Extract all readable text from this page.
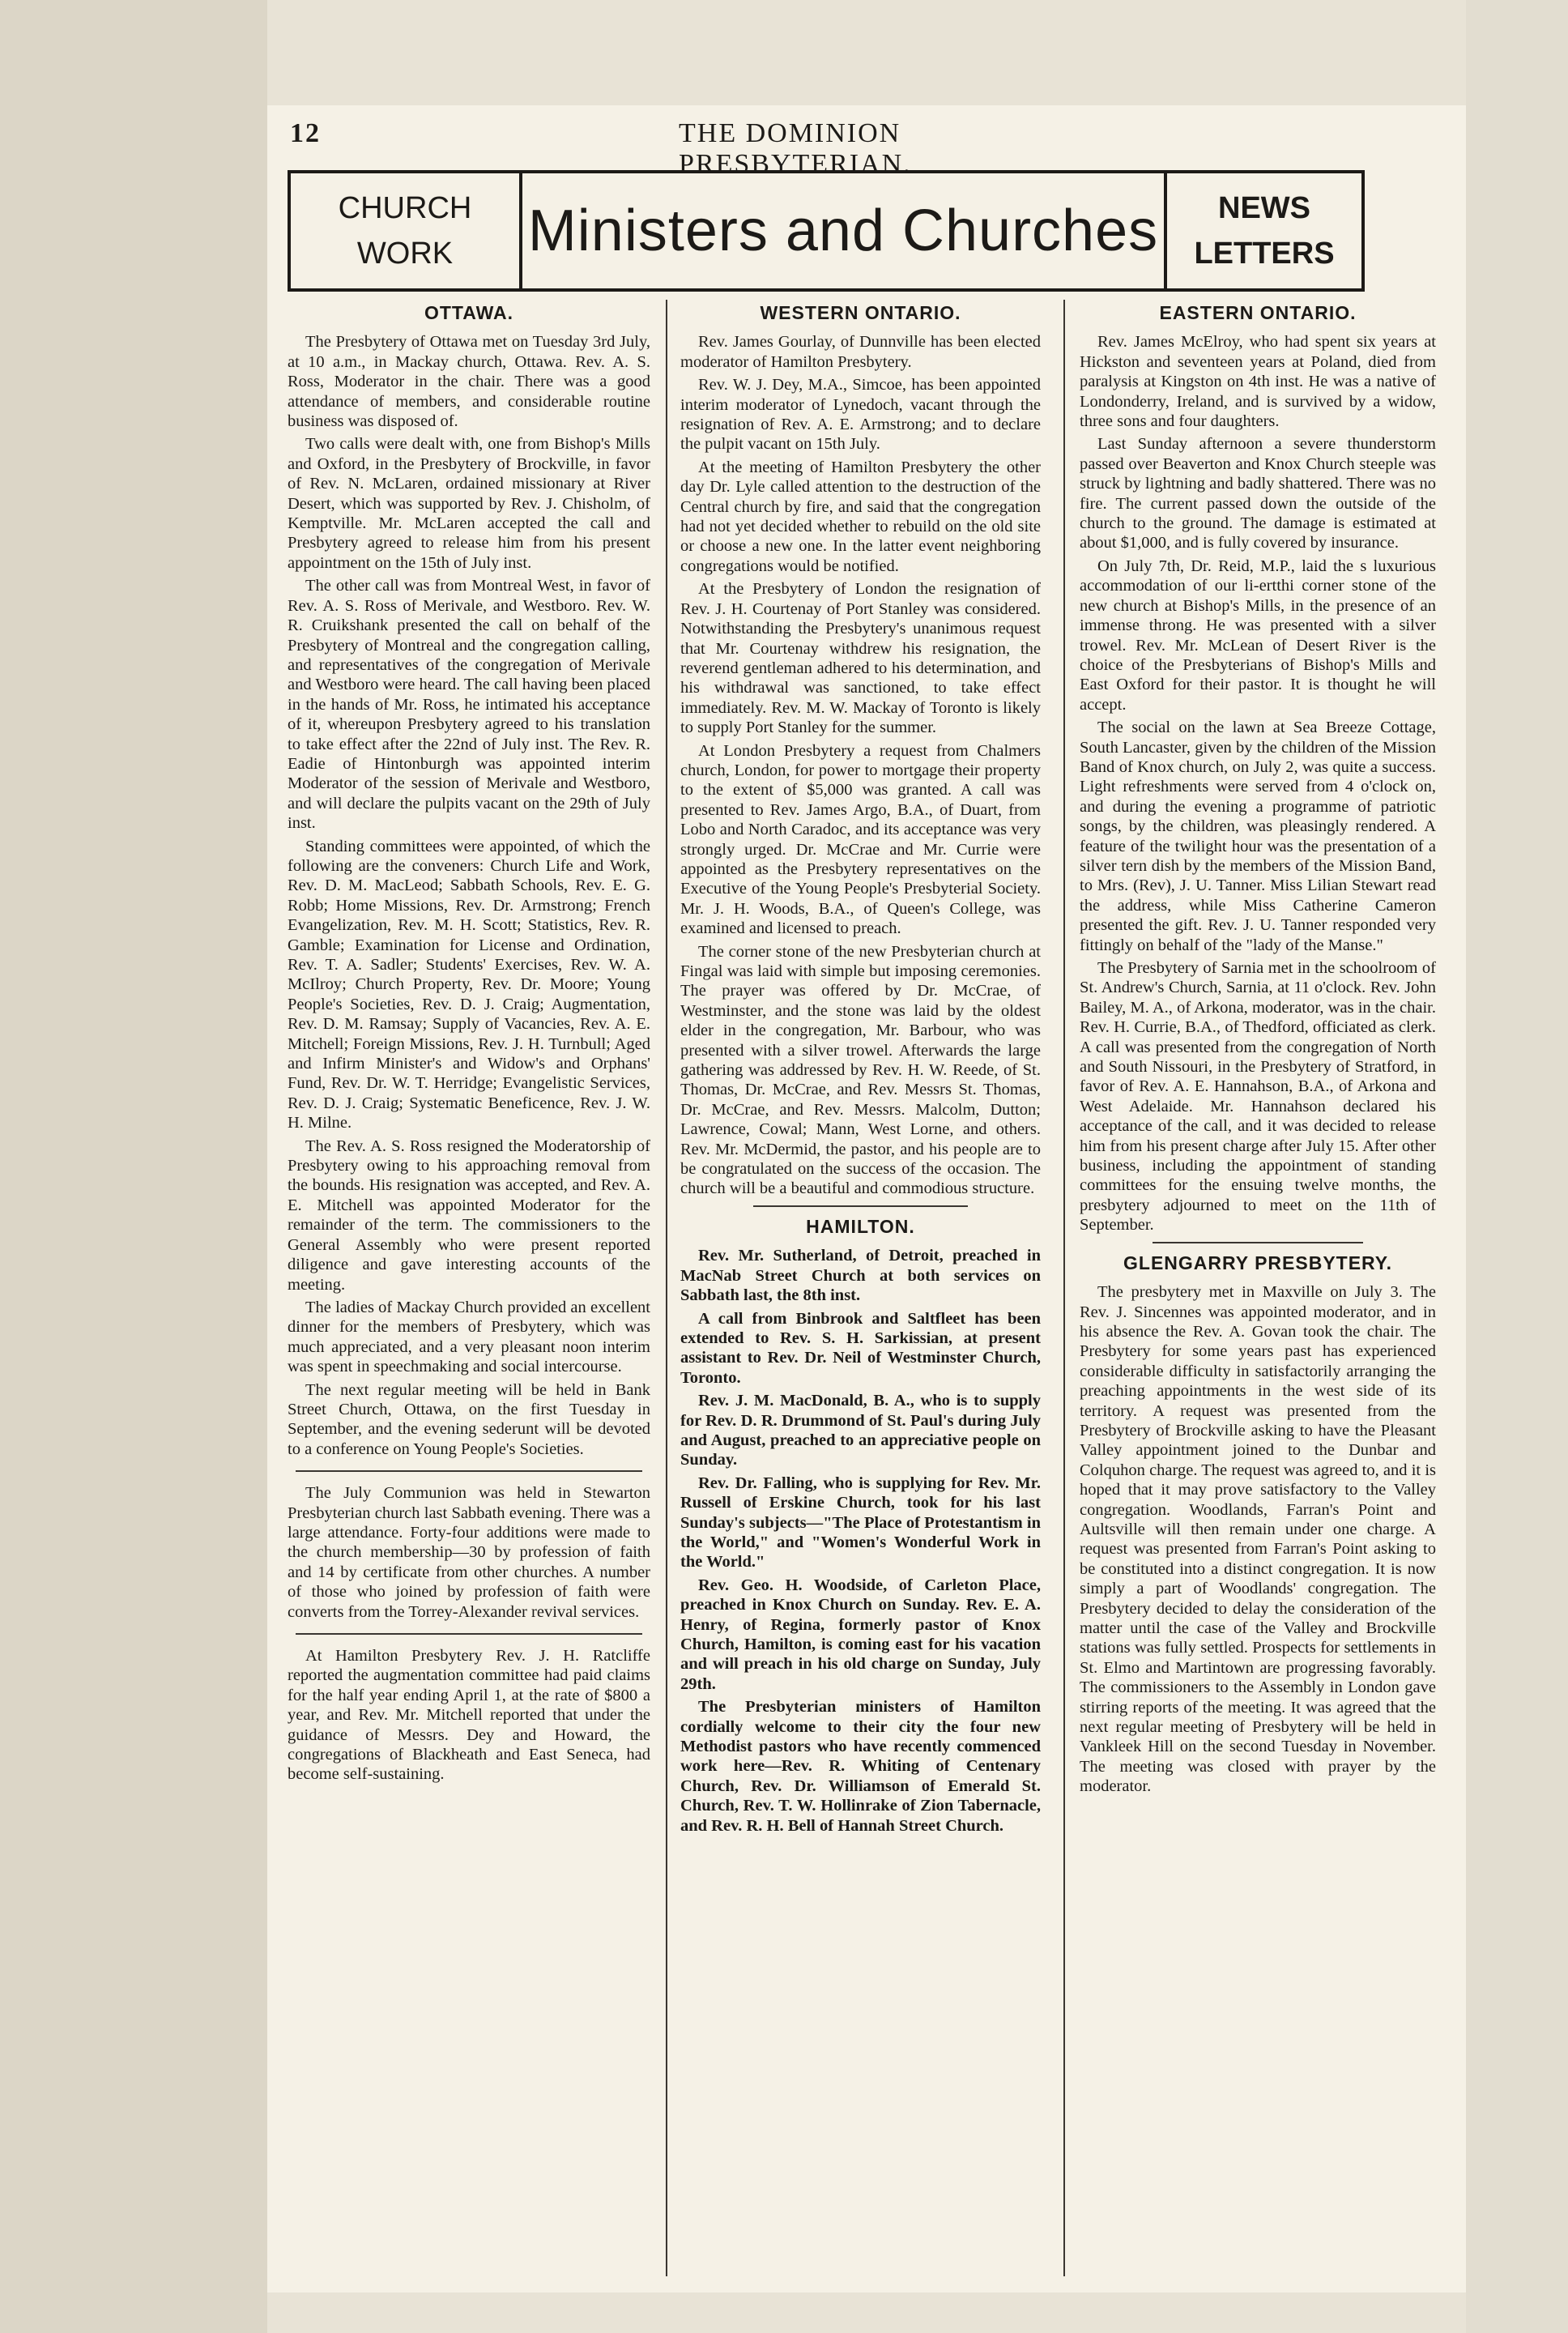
12	THE DOMINION PRESBYTERIAN.
CHURCH
WORK Ministers and Churches NEWS
LETTERS
OTTAWA.

The Presbytery of Ottawa met on Tuesday 3rd July, at 10 a.m., in Mackay church, Ottawa. Rev. A. S. Ross, Moderator in the chair. There was a good attendance of members, and considerable routine business was disposed of.

Two calls were dealt with, one from Bishop's Mills and Oxford, in the Presbytery of Brockville, in favor of Rev. N. McLaren, ordained missionary at River Desert, which was supported by Rev. J. Chisholm, of Kemptville. Mr. McLaren accepted the call and Presbytery agreed to release him from his present appointment on the 15th of July inst.

The other call was from Montreal West, in favor of Rev. A. S. Ross of Merivale, and Westboro. Rev. W. R. Cruikshank presented the call on behalf of the Presbytery of Montreal and the congregation calling, and representatives of the congregation of Merivale and Westboro were heard. The call having been placed in the hands of Mr. Ross, he intimated his acceptance of it, whereupon Presbytery agreed to his translation to take effect after the 22nd of July inst. The Rev. R. Eadie of Hintonburgh was appointed interim Moderator of the session of Merivale and Westboro, and will declare the pulpits vacant on the 29th of July inst.

Standing committees were appointed, of which the following are the conveners: Church Life and Work, Rev. D. M. MacLeod; Sabbath Schools, Rev. E. G. Robb; Home Missions, Rev. Dr. Armstrong; French Evangelization, Rev. M. H. Scott; Statistics, Rev. R. Gamble; Examination for License and Ordination, Rev. T. A. Sadler; Students' Exercises, Rev. W. A. McIlroy; Church Property, Rev. Dr. Moore; Young People's Societies, Rev. D. J. Craig; Augmentation, Rev. D. M. Ramsay; Supply of Vacancies, Rev. A. E. Mitchell; Foreign Missions, Rev. J. H. Turnbull; Aged and Infirm Minister's and Widow's and Orphans' Fund, Rev. Dr. W. T. Herridge; Evangelistic Services, Rev. D. J. Craig; Systematic Beneficence, Rev. J. W. H. Milne.

The Rev. A. S. Ross resigned the Moderatorship of Presbytery owing to his approaching removal from the bounds. His resignation was accepted, and Rev. A. E. Mitchell was appointed Moderator for the remainder of the term. The commissioners to the General Assembly who were present reported diligence and gave interesting accounts of the meeting.

The ladies of Mackay Church provided an excellent dinner for the members of Presbytery, which was much appreciated, and a very pleasant noon interim was spent in speechmaking and social intercourse.

The next regular meeting will be held in Bank Street Church, Ottawa, on the first Tuesday in September, and the evening sederunt will be devoted to a conference on Young People's Societies.

The July Communion was held in Stewarton Presbyterian church last Sabbath evening. There was a large attendance. Forty-four additions were made to the church membership—30 by profession of faith and 14 by certificate from other churches. A number of those who joined by profession of faith were converts from the Torrey-Alexander revival services.

At Hamilton Presbytery Rev. J. H. Ratcliffe reported the augmentation committee had paid claims for the half year ending April 1, at the rate of $800 a year, and Rev. Mr. Mitchell reported that under the guidance of Messrs. Dey and Howard, the congregations of Blackheath and East Seneca, had become self-sustaining.

WESTERN ONTARIO.

Rev. James Gourlay, of Dunnville has been elected moderator of Hamilton Presbytery.

Rev. W. J. Dey, M.A., Simcoe, has been appointed interim moderator of Lynedoch, vacant through the resignation of Rev. A. E. Armstrong; and to declare the pulpit vacant on 15th July.

At the meeting of Hamilton Presbytery the other day Dr. Lyle called attention to the destruction of the Central church by fire, and said that the congregation had not yet decided whether to rebuild on the old site or choose a new one. In the latter event neighboring congregations would be notified.

At the Presbytery of London the resignation of Rev. J. H. Courtenay of Port Stanley was considered. Notwithstanding the Presbytery's unanimous request that Mr. Courtenay withdrew his resignation, the reverend gentleman adhered to his determination, and his withdrawal was sanctioned, to take effect immediately. Rev. M. W. Mackay of Toronto is likely to supply Port Stanley for the summer.

At London Presbytery a request from Chalmers church, London, for power to mortgage their property to the extent of $5,000 was granted. A call was presented to Rev. James Argo, B.A., of Duart, from Lobo and North Caradoc, and its acceptance was very strongly urged. Dr. McCrae and Mr. Currie were appointed as the Presbytery representatives on the Executive of the Young People's Presbyterial Society. Mr. J. H. Woods, B.A., of Queen's College, was examined and licensed to preach.

The corner stone of the new Presbyterian church at Fingal was laid with simple but imposing ceremonies. The prayer was offered by Dr. McCrae, of Westminster, and the stone was laid by the oldest elder in the congregation, Mr. Barbour, who was presented with a silver trowel. Afterwards the large gathering was addressed by Rev. H. W. Reede, of St. Thomas, Dr. McCrae, and Rev. Messrs St. Thomas, Dr. McCrae, and Rev. Messrs. Malcolm, Dutton; Lawrence, Cowal; Mann, West Lorne, and others. Rev. Mr. McDermid, the pastor, and his people are to be congratulated on the success of the occasion. The church will be a beautiful and commodious structure.

HAMILTON.

Rev. Mr. Sutherland, of Detroit, preached in MacNab Street Church at both services on Sabbath last, the 8th inst.

A call from Binbrook and Saltfleet has been extended to Rev. S. H. Sarkissian, at present assistant to Rev. Dr. Neil of Westminster Church, Toronto.

Rev. J. M. MacDonald, B. A., who is to supply for Rev. D. R. Drummond of St. Paul's during July and August, preached to an appreciative people on Sunday.

Rev. Dr. Falling, who is supplying for Rev. Mr. Russell of Erskine Church, took for his last Sunday's subjects—"The Place of Protestantism in the World," and "Women's Wonderful Work in the World."

Rev. Geo. H. Woodside, of Carleton Place, preached in Knox Church on Sunday. Rev. E. A. Henry, of Regina, formerly pastor of Knox Church, Hamilton, is coming east for his vacation and will preach in his old charge on Sunday, July 29th.

The Presbyterian ministers of Hamilton cordially welcome to their city the four new Methodist pastors who have recently commenced work here—Rev. R. Whiting of Centenary Church, Rev. Dr. Williamson of Emerald St. Church, Rev. T. W. Hollinrake of Zion Tabernacle, and Rev. R. H. Bell of Hannah Street Church.

EASTERN ONTARIO.

Rev. James McElroy, who had spent six years at Hickston and seventeen years at Poland, died from paralysis at Kingston on 4th inst. He was a native of Londonderry, Ireland, and is survived by a widow, three sons and four daughters.

Last Sunday afternoon a severe thunderstorm passed over Beaverton and Knox Church steeple was struck by lightning and badly shattered. There was no fire. The current passed down the outside of the church to the ground. The damage is estimated at about $1,000, and is fully covered by insurance.

On July 7th, Dr. Reid, M.P., laid the s luxurious accommodation of our li-ertthi corner stone of the new church at Bishop's Mills, in the presence of an immense throng. He was presented with a silver trowel. Rev. Mr. McLean of Desert River is the choice of the Presbyterians of Bishop's Mills and East Oxford for their pastor. It is thought he will accept.

The social on the lawn at Sea Breeze Cottage, South Lancaster, given by the children of the Mission Band of Knox church, on July 2, was quite a success. Light refreshments were served from 4 o'clock on, and during the evening a programme of patriotic songs, by the children, was pleasingly rendered. A feature of the twilight hour was the presentation of a silver tern dish by the members of the Mission Band, to Mrs. (Rev), J. U. Tanner. Miss Lilian Stewart read the address, while Miss Catherine Cameron presented the gift. Rev. J. U. Tanner responded very fittingly on behalf of the "lady of the Manse."

The Presbytery of Sarnia met in the schoolroom of St. Andrew's Church, Sarnia, at 11 o'clock. Rev. John Bailey, M. A., of Arkona, moderator, was in the chair. Rev. H. Currie, B.A., of Thedford, officiated as clerk. A call was presented from the congregation of North and South Nissouri, in the Presbytery of Stratford, in favor of Rev. A. E. Hannahson, B.A., of Arkona and West Adelaide. Mr. Hannahson declared his acceptance of the call, and it was decided to release him from his present charge after July 15. After other business, including the appointment of standing committees for the ensuing twelve months, the presbytery adjourned to meet on the 11th of September.

GLENGARRY PRESBYTERY.

The presbytery met in Maxville on July 3. The Rev. J. Sincennes was appointed moderator, and in his absence the Rev. A. Govan took the chair. The Presbytery for some years past has experienced considerable difficulty in satisfactorily arranging the preaching appointments in the west side of its territory. A request was presented from the Presbytery of Brockville asking to have the Pleasant Valley appointment joined to the Dunbar and Colquhon charge. The request was agreed to, and it is hoped that it may prove satisfactory to the Valley congregation. Woodlands, Farran's Point and Aultsville will then remain under one charge. A request was presented from Farran's Point asking to be constituted into a distinct congregation. It is now simply a part of Woodlands' congregation. The Presbytery decided to delay the consideration of the matter until the case of the Valley and Brockville stations was fully settled. Prospects for settlements in St. Elmo and Martintown are progressing favorably. The commissioners to the Assembly in London gave stirring reports of the meeting. It was agreed that the next regular meeting of Presbytery will be held in Vankleek Hill on the second Tuesday in November. The meeting was closed with prayer by the moderator.
